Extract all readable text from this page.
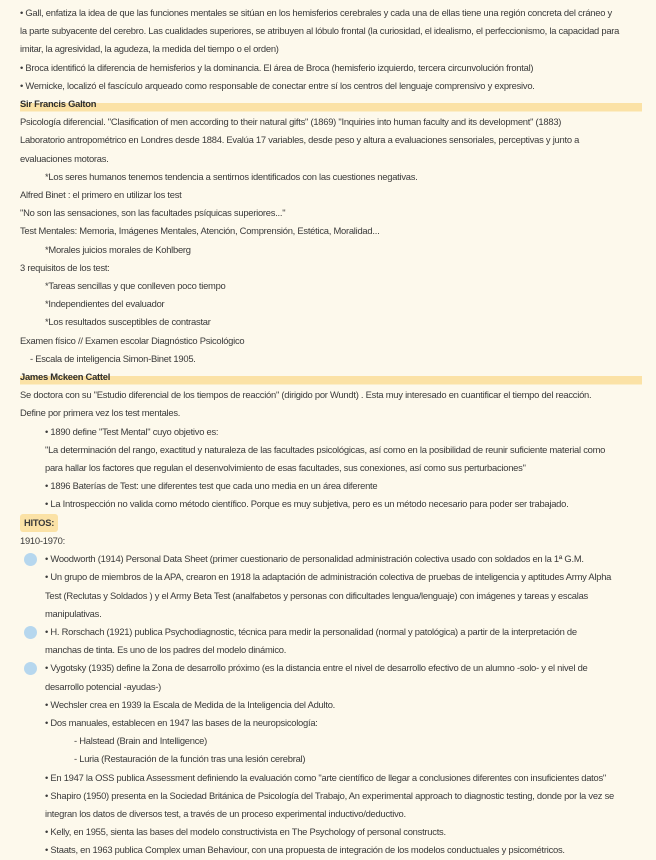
• Gall, enfatiza la idea de que las funciones mentales se sitúan en los hemisferios cerebrales y cada una de ellas tiene una región concreta del cráneo y
la parte subyacente del cerebro. Las cualidades superiores, se atribuyen al lóbulo frontal (la curiosidad, el idealismo, el perfeccionismo, la capacidad para
imitar, la agresividad, la agudeza, la medida del tiempo o el orden)
• Broca identificó la diferencia de hemisferios y la dominancia. El área de Broca (hemisferio izquierdo, tercera circunvolución frontal)
• Wernicke, localizó el fascículo arqueado como responsable de conectar entre sí los centros del lenguaje comprensivo y expresivo.
Sir Francis Galton
Psicología diferencial. "Clasification of men according to their natural gifts" (1869) "Inquiries into human faculty and its development" (1883)
Laboratorio antropométrico en Londres desde 1884. Evalúa 17 variables, desde peso y altura a evaluaciones sensoriales, perceptivas y junto a
evaluaciones motoras.
*Los seres humanos tenemos tendencia a sentirnos identificados con las cuestiones negativas.
Alfred Binet : el primero en utilizar los test
"No son las sensaciones, son las facultades psíquicas superiores..."
Test Mentales: Memoria, Imágenes Mentales, Atención, Comprensión, Estética, Moralidad...
*Morales juicios morales de Kohlberg
3 requisitos de los test:
*Tareas sencillas y que conlleven poco tiempo
*Independientes del evaluador
*Los resultados susceptibles de contrastar
Examen físico // Examen escolar Diagnóstico Psicológico
- Escala de inteligencia Simon-Binet 1905.
James Mckeen Cattel
Se doctora con su "Estudio diferencial de los tiempos de reacción" (dirigido por Wundt) . Esta muy interesado en cuantificar el tiempo del reacción.
Define por primera vez los test mentales.
• 1890 define "Test Mental" cuyo objetivo es:
"La determinación del rango, exactitud y naturaleza de las facultades psicológicas, así como en la posibilidad de reunir suficiente material como
para hallar los factores que regulan el desenvolvimiento de esas facultades, sus conexiones, así como sus perturbaciones"
• 1896 Baterías de Test: une diferentes test que cada uno media en un área diferente
• La Introspección no valida como método científico. Porque es muy subjetiva, pero es un método necesario para poder ser trabajado.
HITOS:
1910-1970:
• Woodworth (1914) Personal Data Sheet (primer cuestionario de personalidad administración colectiva usado con soldados en la 1ª G.M.
• Un grupo de miembros de la APA, crearon en 1918 la adaptación de administración colectiva de pruebas de inteligencia y aptitudes Army Alpha
Test (Reclutas y Soldados ) y el Army Beta Test (analfabetos y personas con dificultades lengua/lenguaje) con imágenes y tareas y escalas
manipulativas.
• H. Rorschach (1921) publica Psychodiagnostic, técnica para medir la personalidad (normal y patológica) a partir de la interpretación de
manchas de tinta. Es uno de los padres del modelo dinámico.
• Vygotsky (1935) define la Zona de desarrollo próximo (es la distancia entre el nivel de desarrollo efectivo de un alumno -solo- y el nivel de
desarrollo potencial -ayudas-)
• Wechsler crea en 1939 la Escala de Medida de la Inteligencia del Adulto.
• Dos manuales, establecen en 1947 las bases de la neuropsicología:
- Halstead (Brain and Intelligence)
- Luria (Restauración de la función tras una lesión cerebral)
• En 1947 la OSS publica Assessment definiendo la evaluación como "arte científico de llegar a conclusiones diferentes con insuficientes datos"
• Shapiro (1950) presenta en la Sociedad Británica de Psicología del Trabajo, An experimental approach to diagnostic testing, donde por la vez se
integran los datos de diversos test, a través de un proceso experimental inductivo/deductivo.
• Kelly, en 1955, sienta las bases del modelo constructivista en The Psychology of personal constructs.
• Staats, en 1963 publica Complex uman Behaviour, con una propuesta de integración de los modelos conductuales y psicométricos.
